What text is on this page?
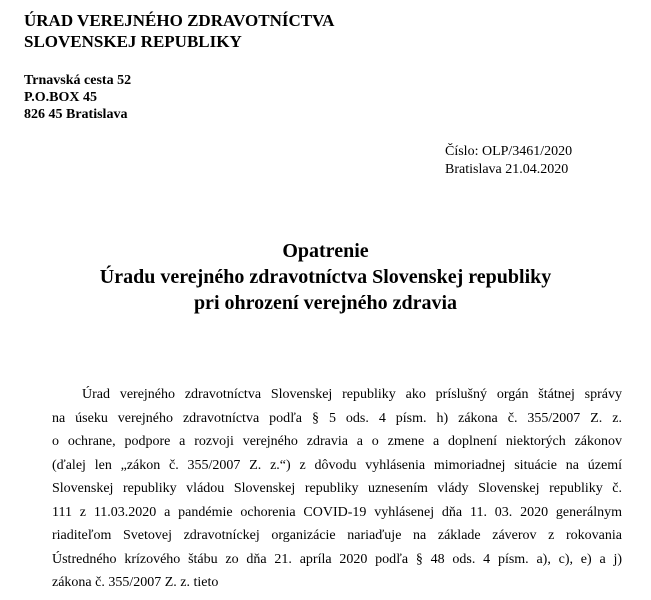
ÚRAD VEREJNÉHO ZDRAVOTNÍCTVA
SLOVENSKEJ REPUBLIKY
Trnavská cesta 52
P.O.BOX 45
826 45 Bratislava
Číslo: OLP/3461/2020
Bratislava 21.04.2020
Opatrenie
Úradu verejného zdravotníctva Slovenskej republiky
pri ohrození verejného zdravia
Úrad verejného zdravotníctva Slovenskej republiky ako príslušný orgán štátnej správy
na úseku verejného zdravotníctva podľa § 5 ods. 4 písm. h) zákona č. 355/2007 Z. z.
o ochrane, podpore a rozvoji verejného zdravia a o zmene a doplnení niektorých zákonov
(ďalej len „zákon č. 355/2007 Z. z.“) z dôvodu vyhlásenia mimoriadnej situácie na území
Slovenskej republiky vládou Slovenskej republiky uznesením vlády Slovenskej republiky č.
111 z 11.03.2020 a pandémie ochorenia COVID-19 vyhlásenej dňa 11. 03. 2020 generálnym
riaditeľom Svetovej zdravotníckej organizácie nariaďuje na základe záverov z rokovania
Ústredného krízového štábu zo dňa 21. apríla 2020 podľa § 48 ods. 4 písm. a), c), e) a j)
zákona č. 355/2007 Z. z. tieto
